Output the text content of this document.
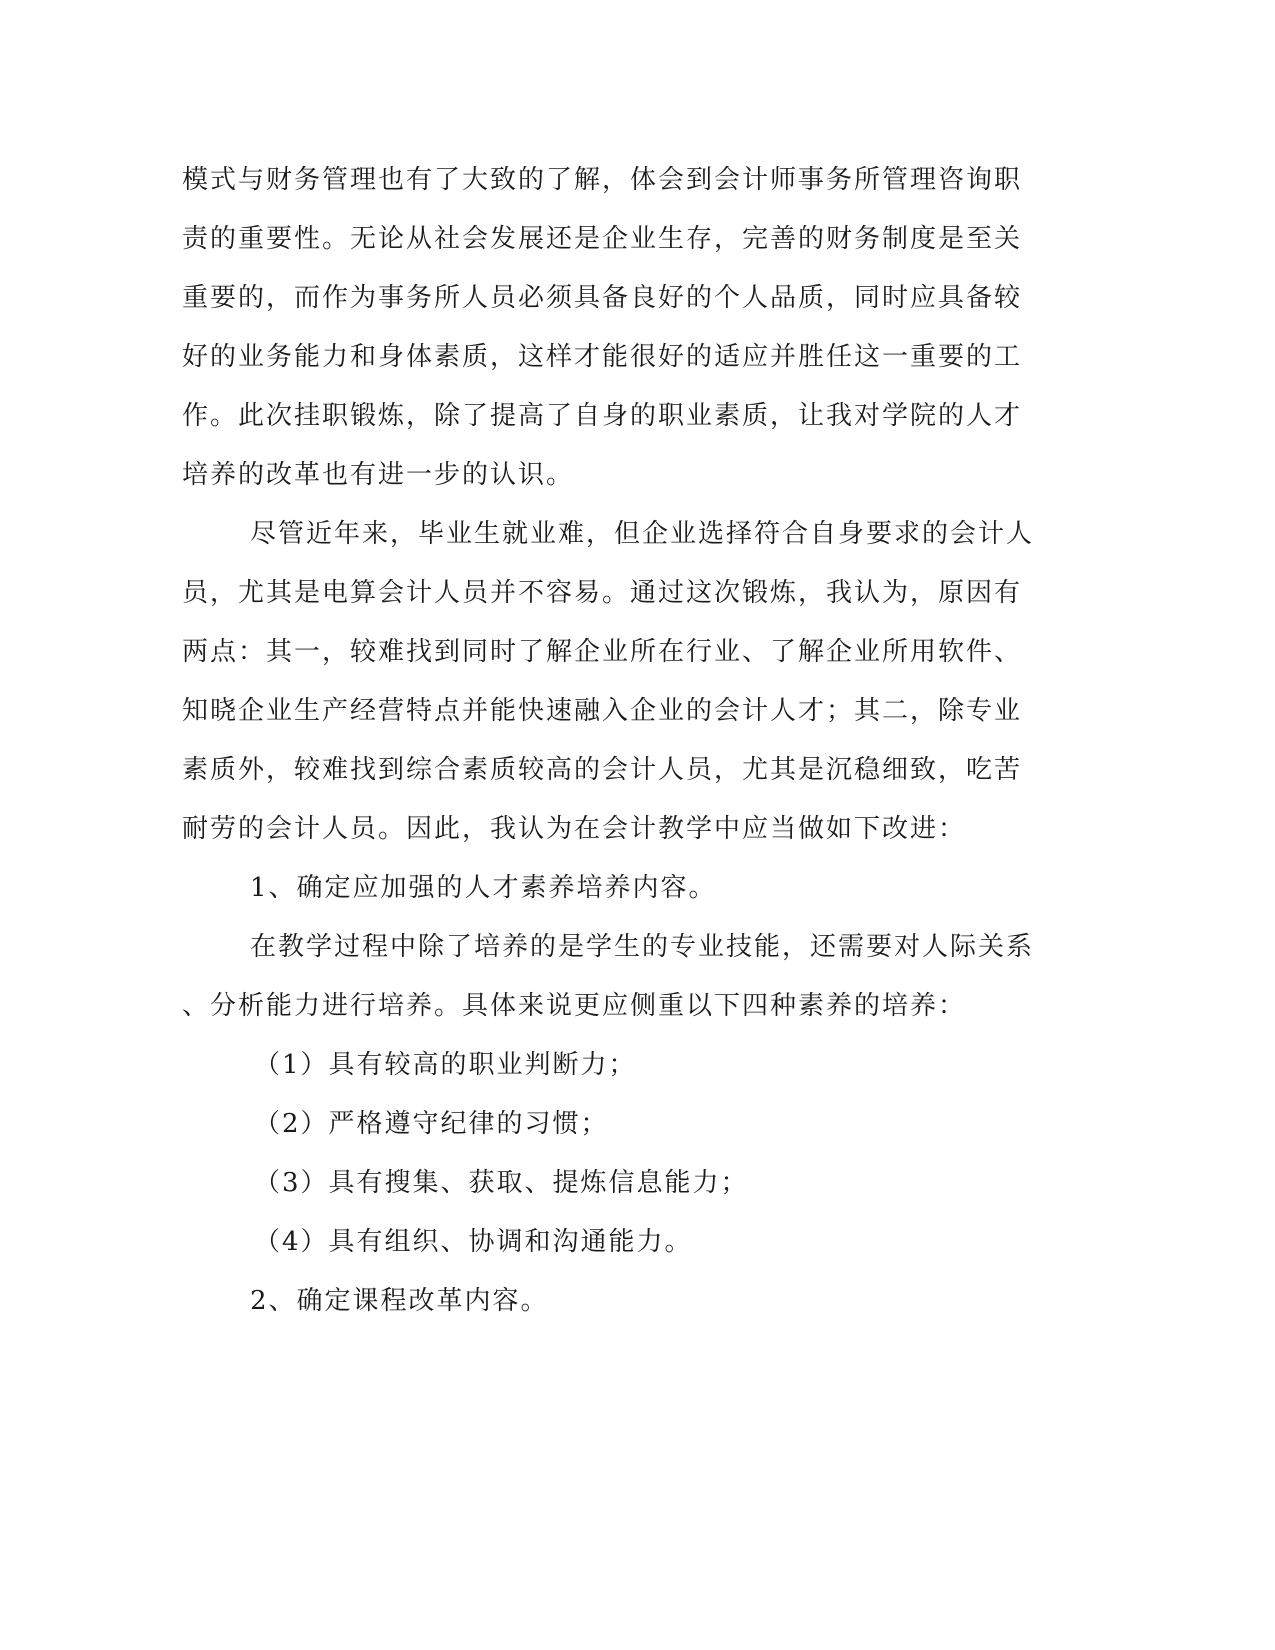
模式与财务管理也有了大致的了解，体会到会计师事务所管理咨询职
责的重要性。无论从社会发展还是企业生存，完善的财务制度是至关
重要的，而作为事务所人员必须具备良好的个人品质，同时应具备较
好的业务能力和身体素质，这样才能很好的适应并胜任这一重要的工
作。此次挂职锻炼，除了提高了自身的职业素质，让我对学院的人才
培养的改革也有进一步的认识。
尽管近年来，毕业生就业难，但企业选择符合自身要求的会计人
员，尤其是电算会计人员并不容易。通过这次锻炼，我认为，原因有
两点：其一，较难找到同时了解企业所在行业、了解企业所用软件、
知晓企业生产经营特点并能快速融入企业的会计人才；其二，除专业
素质外，较难找到综合素质较高的会计人员，尤其是沉稳细致，吃苦
耐劳的会计人员。因此，我认为在会计教学中应当做如下改进：
1、确定应加强的人才素养培养内容。
在教学过程中除了培养的是学生的专业技能，还需要对人际关系
、分析能力进行培养。具体来说更应侧重以下四种素养的培养：
（1）具有较高的职业判断力；
（2）严格遵守纪律的习惯；
（3）具有搜集、获取、提炼信息能力；
（4）具有组织、协调和沟通能力。
2、确定课程改革内容。
